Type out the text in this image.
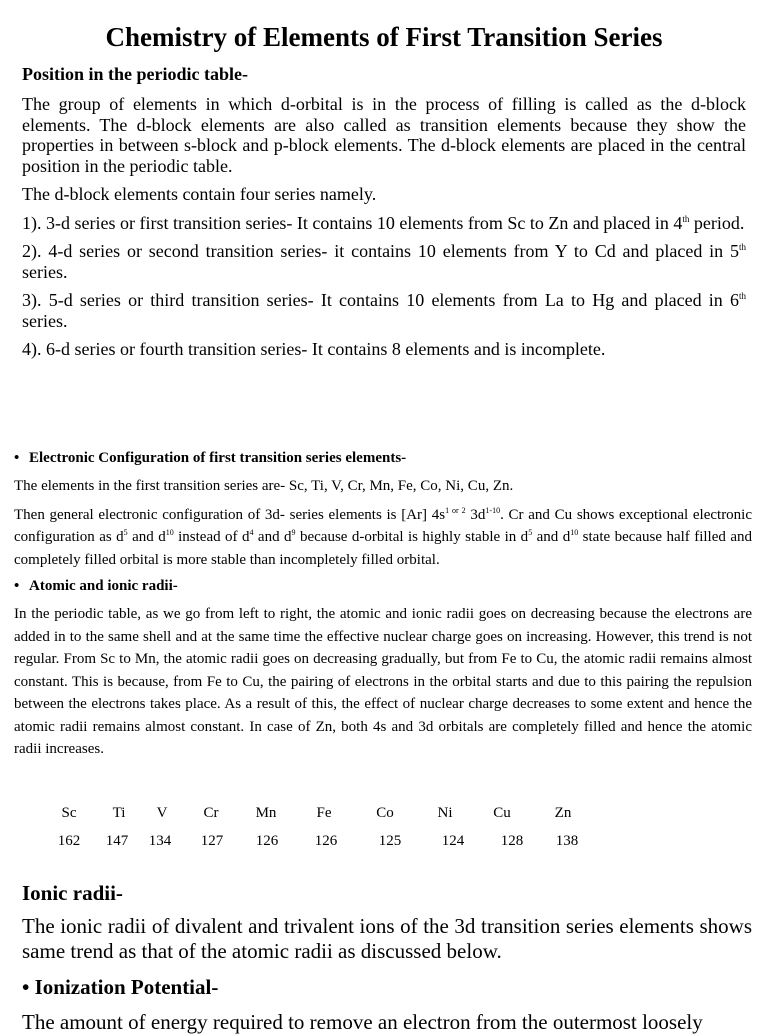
Chemistry of Elements of First Transition Series

Position in the periodic table-

The group of elements in which d-orbital is in the process of filling is called as the d-block elements. The d-block elements are also called as transition elements because they show the properties in between s-block and p-block elements. The d-block elements are placed in the central position in the periodic table.

The d-block elements contain four series namely.

1). 3-d series or first transition series- It contains 10 elements from Sc to Zn and placed in 4th period.

2). 4-d series or second transition series- it contains 10 elements from Y to Cd and placed in 5th series.

3). 5-d series or third transition series- It contains 10 elements from La to Hg and placed in 6th series.

4). 6-d series or fourth transition series- It contains 8 elements and is incomplete.

• Electronic Configuration of first transition series elements-

The elements in the first transition series are- Sc, Ti, V, Cr, Mn, Fe, Co, Ni, Cu, Zn.

Then general electronic configuration of 3d- series elements is [Ar] $4s^{1 or 2}$ $3d^{1-10}$. Cr and Cu shows exceptional electronic configuration as $d^5$ and $d^{10}$ instead of $d^4$ and $d^9$ because d-orbital is highly stable in $d^5$ and $d^{10}$ state because half filled and completely filled orbital is more stable than incompletely filled orbital.

• Atomic and ionic radii-

In the periodic table, as we go from left to right, the atomic and ionic radii goes on decreasing because the electrons are added in to the same shell and at the same time the effective nuclear charge goes on increasing. However, this trend is not regular. From Sc to Mn, the atomic radii goes on decreasing gradually, but from Fe to Cu, the atomic radii remains almost constant. This is because, from Fe to Cu, the pairing of electrons in the orbital starts and due to this pairing the repulsion between the electrons takes place. As a result of this, the effect of nuclear charge decreases to some extent and hence the atomic radii remains almost constant. In case of Zn, both 4s and 3d orbitals are completely filled and hence the atomic radii increases.

Sc	Ti	V	Cr	Mn	Fe	Co	Ni	Cu	Zn
162	147	134	127	126	126	125	124	128	138

Ionic radii-

The ionic radii of divalent and trivalent ions of the 3d transition series elements shows same trend as that of the atomic radii as discussed below.

• Ionization Potential-

The amount of energy required to remove an electron from the outermost loosely
